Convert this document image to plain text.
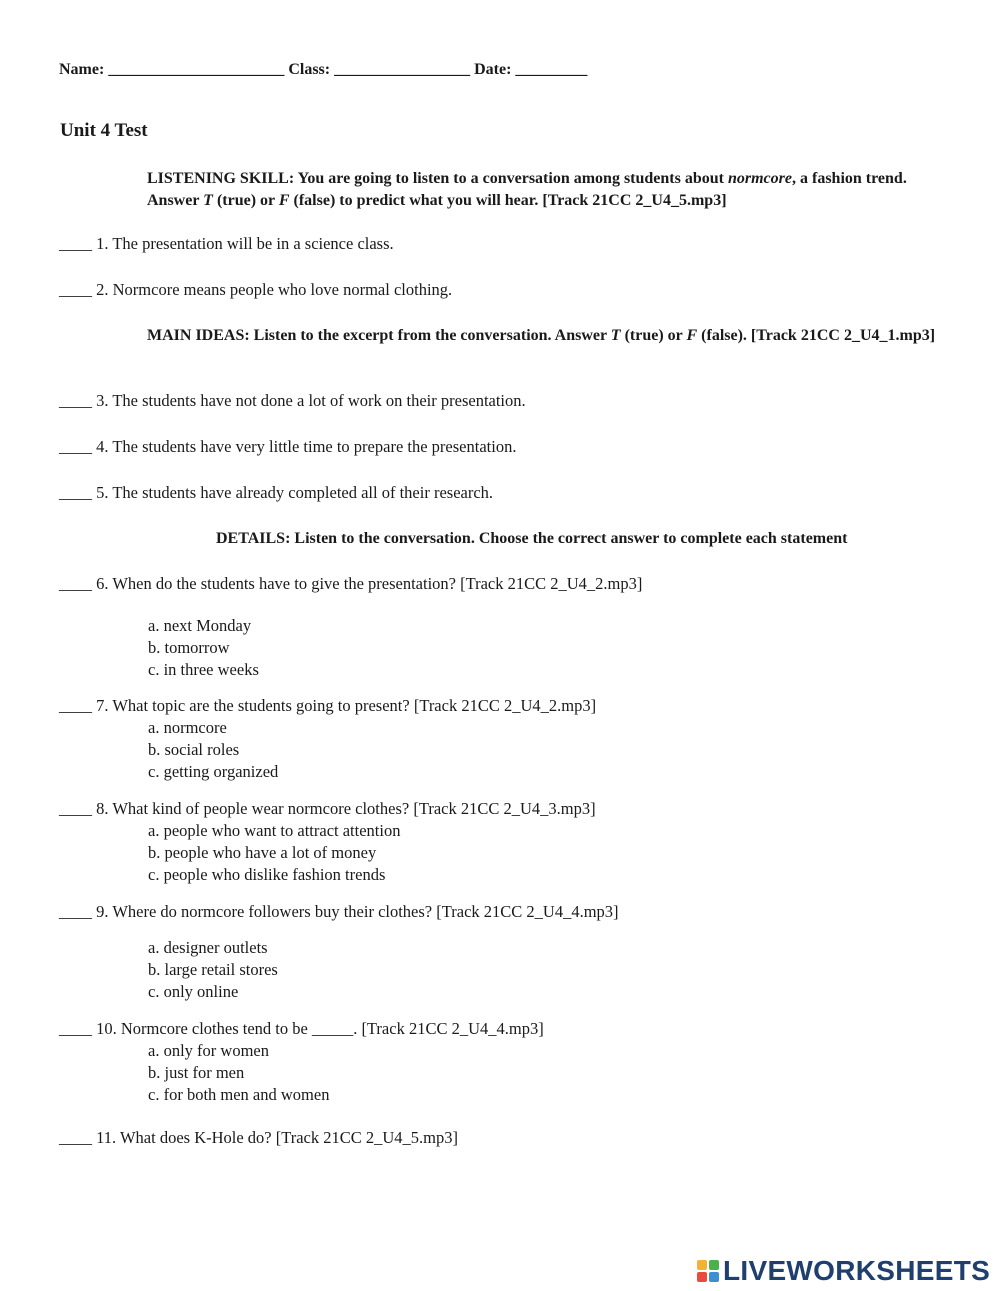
Name: ______________________ Class: _________________ Date: _________
Unit 4 Test
LISTENING SKILL: You are going to listen to a conversation among students about normcore, a fashion trend. Answer T (true) or F (false) to predict what you will hear. [Track 21CC 2_U4_5.mp3]
____ 1. The presentation will be in a science class.
____ 2. Normcore means people who love normal clothing.
MAIN IDEAS: Listen to the excerpt from the conversation. Answer T (true) or F (false). [Track 21CC 2_U4_1.mp3]
____ 3. The students have not done a lot of work on their presentation.
____ 4. The students have very little time to prepare the presentation.
____ 5. The students have already completed all of their research.
DETAILS: Listen to the conversation. Choose the correct answer to complete each statement
____ 6. When do the students have to give the presentation? [Track 21CC 2_U4_2.mp3]
a. next Monday
b. tomorrow
c. in three weeks
____ 7. What topic are the students going to present? [Track 21CC 2_U4_2.mp3]
a. normcore
b. social roles
c. getting organized
____ 8. What kind of people wear normcore clothes? [Track 21CC 2_U4_3.mp3]
a. people who want to attract attention
b. people who have a lot of money
c. people who dislike fashion trends
____ 9. Where do normcore followers buy their clothes? [Track 21CC 2_U4_4.mp3]
a. designer outlets
b. large retail stores
c. only online
____ 10. Normcore clothes tend to be _____. [Track 21CC 2_U4_4.mp3]
a. only for women
b. just for men
c. for both men and women
____ 11. What does K-Hole do? [Track 21CC 2_U4_5.mp3]
LIVEWORKSHEETS
